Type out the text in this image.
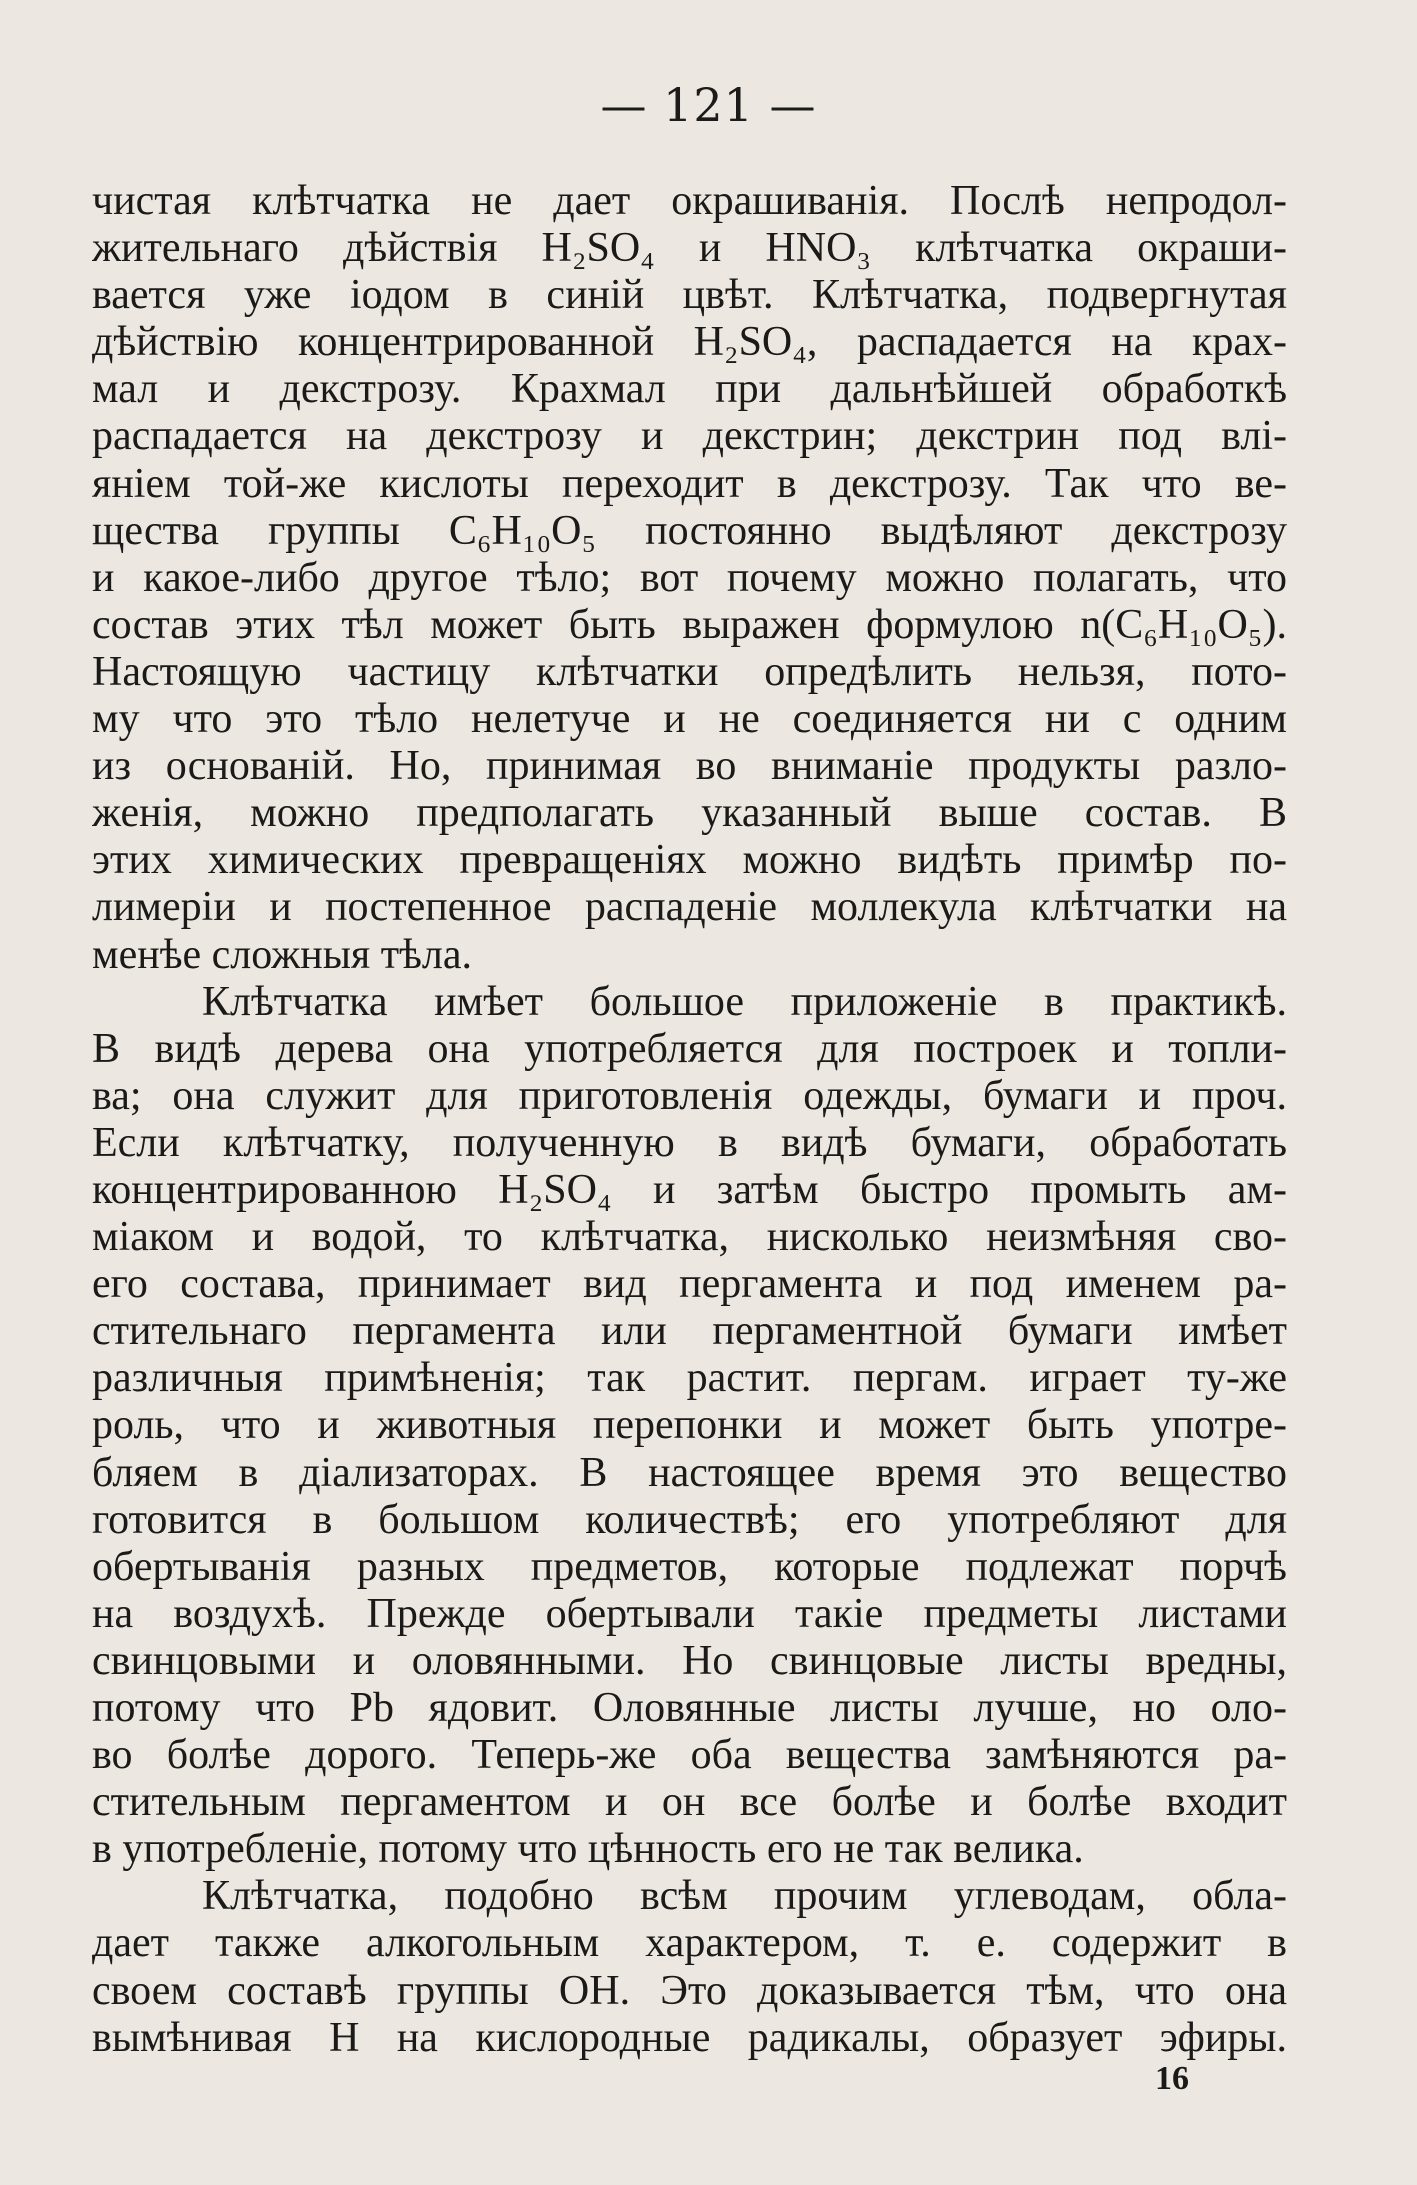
— 121 —
чистая клѣтчатка не дает окрашиванія. Послѣ непродол-
жительнаго дѣйствія H₂SO₄ и HNO₃ клѣтчатка окраши-
вается уже іодом в синій цвѣт. Клѣтчатка, подвергнутая
дѣйствію концентрированной H₂SO₄, распадается на крах-
мал и декстрозу. Крахмал при дальнѣйшей обработкѣ
распадается на декстрозу и декстрин; декстрин под влі-
яніем той-же кислоты переходит в декстрозу. Так что ве-
щества группы C₆H₁₀O₅ постоянно выдѣляют декстрозу
и какое-либо другое тѣло; вот почему можно полагать, что
состав этих тѣл может быть выражен формулою n(C₆H₁₀O₅).
Настоящую частицу клѣтчатки опредѣлить нельзя, пото-
му что это тѣло нелетуче и не соединяется ни с одним
из основаній. Но, принимая во вниманіе продукты разло-
женія, можно предполагать указанный выше состав. В
этих химических превращеніях можно видѣть примѣр по-
лимеріи и постепенное распаденіе моллекула клѣтчатки на
менѣе сложныя тѣла.
Клѣтчатка имѣет большое приложеніе в практикѣ.
В видѣ дерева она употребляется для построек и топли-
ва; она служит для приготовленія одежды, бумаги и проч.
Если клѣтчатку, полученную в видѣ бумаги, обработать
концентрированною H₂SO₄ и затѣм быстро промыть ам-
міаком и водой, то клѣтчатка, нисколько неизмѣняя сво-
его состава, принимает вид пергамента и под именем ра-
стительнаго пергамента или пергаментной бумаги имѣет
различныя примѣненія; так растит. пергам. играет ту-же
роль, что и животныя перепонки и может быть употре-
бляем в діализаторах. В настоящее время это вещество
готовится в большом количествѣ; его употребляют для
обертыванія разных предметов, которые подлежат порчѣ
на воздухѣ. Прежде обертывали такіе предметы листами
свинцовыми и оловянными. Но свинцовые листы вредны,
потому что Pb ядовит. Оловянные листы лучше, но оло-
во болѣе дорого. Теперь-же оба вещества замѣняются ра-
стительным пергаментом и он все болѣе и болѣе входит
в употребленіе, потому что цѣнность его не так велика.
Клѣтчатка, подобно всѣм прочим углеводам, обла-
дает также алкогольным характером, т. е. содержит в
своем составѣ группы OH. Это доказывается тѣм, что она
вымѣнивая H на кислородные радикалы, образует эфиры.
16
